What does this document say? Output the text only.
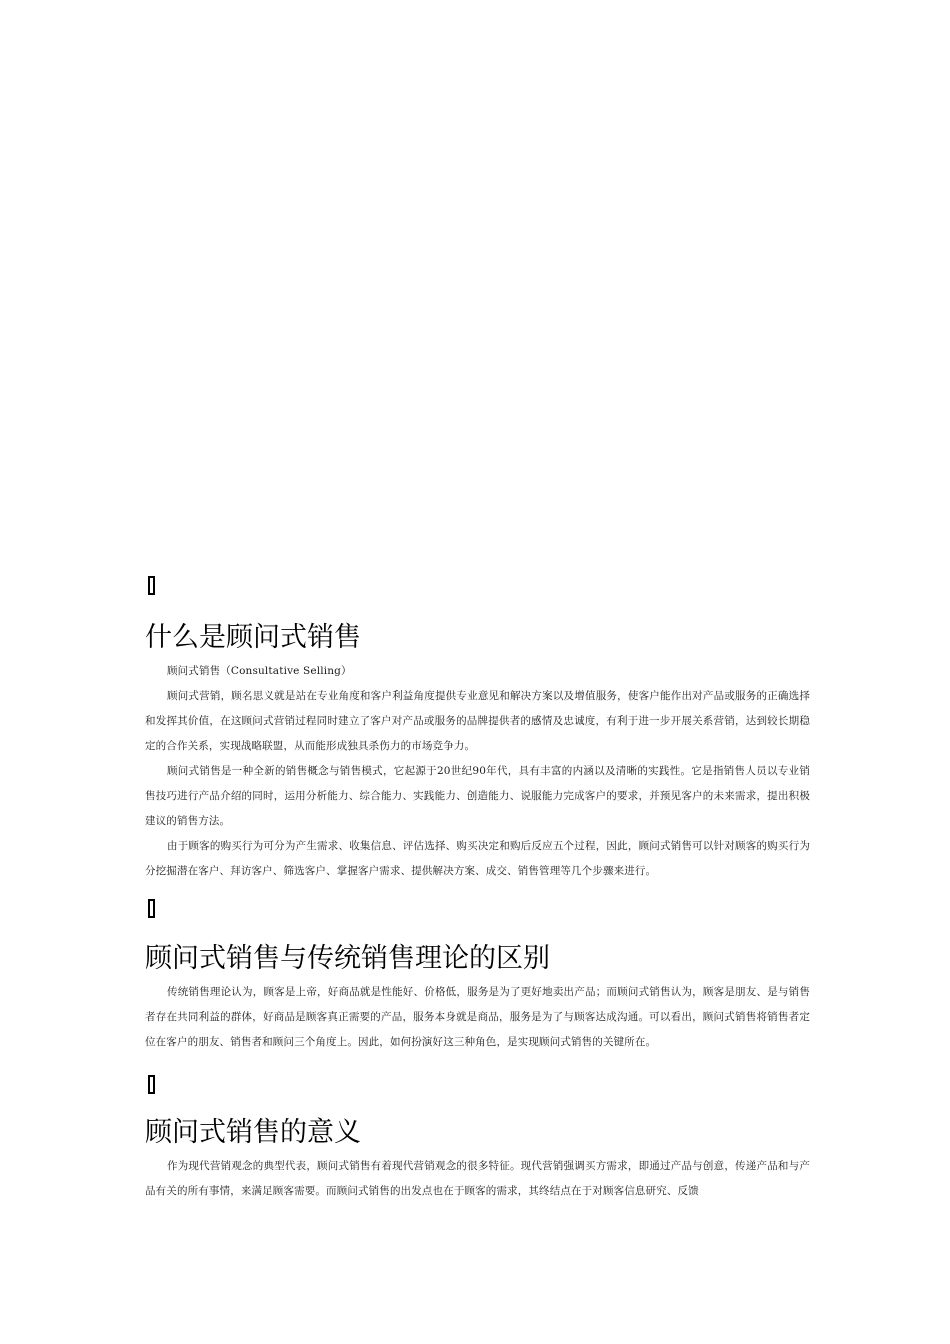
什么是顾问式销售

顾问式销售（Consultative Selling）

顾问式营销，顾名思义就是站在专业角度和客户利益角度提供专业意见和解决方案以及增值服务，使客户能作出对产品或服务的正确选择和发挥其价值，在这顾问式营销过程同时建立了客户对产品或服务的品牌提供者的感情及忠诚度，有利于进一步开展关系营销，达到较长期稳定的合作关系，实现战略联盟，从而能形成独具杀伤力的市场竞争力。

顾问式销售是一种全新的销售概念与销售模式，它起源于20世纪90年代，具有丰富的内涵以及清晰的实践性。它是指销售人员以专业销售技巧进行产品介绍的同时，运用分析能力、综合能力、实践能力、创造能力、说服能力完成客户的要求，并预见客户的未来需求，提出积极建议的销售方法。

由于顾客的购买行为可分为产生需求、收集信息、评估选择、购买决定和购后反应五个过程，因此，顾问式销售可以针对顾客的购买行为分挖掘潜在客户、拜访客户、筛选客户、掌握客户需求、提供解决方案、成交、销售管理等几个步骤来进行。

顾问式销售与传统销售理论的区别

传统销售理论认为，顾客是上帝，好商品就是性能好、价格低，服务是为了更好地卖出产品；而顾问式销售认为，顾客是朋友、是与销售者存在共同利益的群体，好商品是顾客真正需要的产品，服务本身就是商品，服务是为了与顾客达成沟通。可以看出，顾问式销售将销售者定位在客户的朋友、销售者和顾问三个角度上。因此，如何扮演好这三种角色，是实现顾问式销售的关键所在。

顾问式销售的意义

作为现代营销观念的典型代表，顾问式销售有着现代营销观念的很多特征。现代营销强调买方需求，即通过产品与创意，传递产品和与产品有关的所有事情，来满足顾客需要。而顾问式销售的出发点也在于顾客的需求，其终结点在于对顾客信息研究、反馈
